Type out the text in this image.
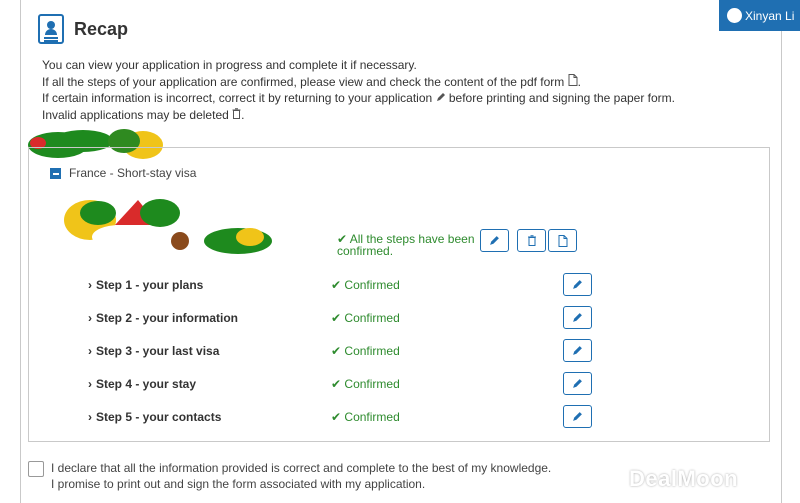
Recap
Xinyan Li

You can view your application in progress and complete it if necessary.

If all the steps of your application are confirmed, please view and check the content of the pdf form .

If certain information is incorrect, correct it by returning to your application before printing and signing the paper form.

Invalid applications may be deleted .

France - Short-stay visa
✔ All the steps have been confirmed.
› Step 1 - your plans	✔ Confirmed
› Step 2 - your information	✔ Confirmed
› Step 3 - your last visa	✔ Confirmed
› Step 4 - your stay	✔ Confirmed
› Step 5 - your contacts	✔ Confirmed

I declare that all the information provided is correct and complete to the best of my knowledge.

I promise to print out and sign the form associated with my application.	DealMoon
